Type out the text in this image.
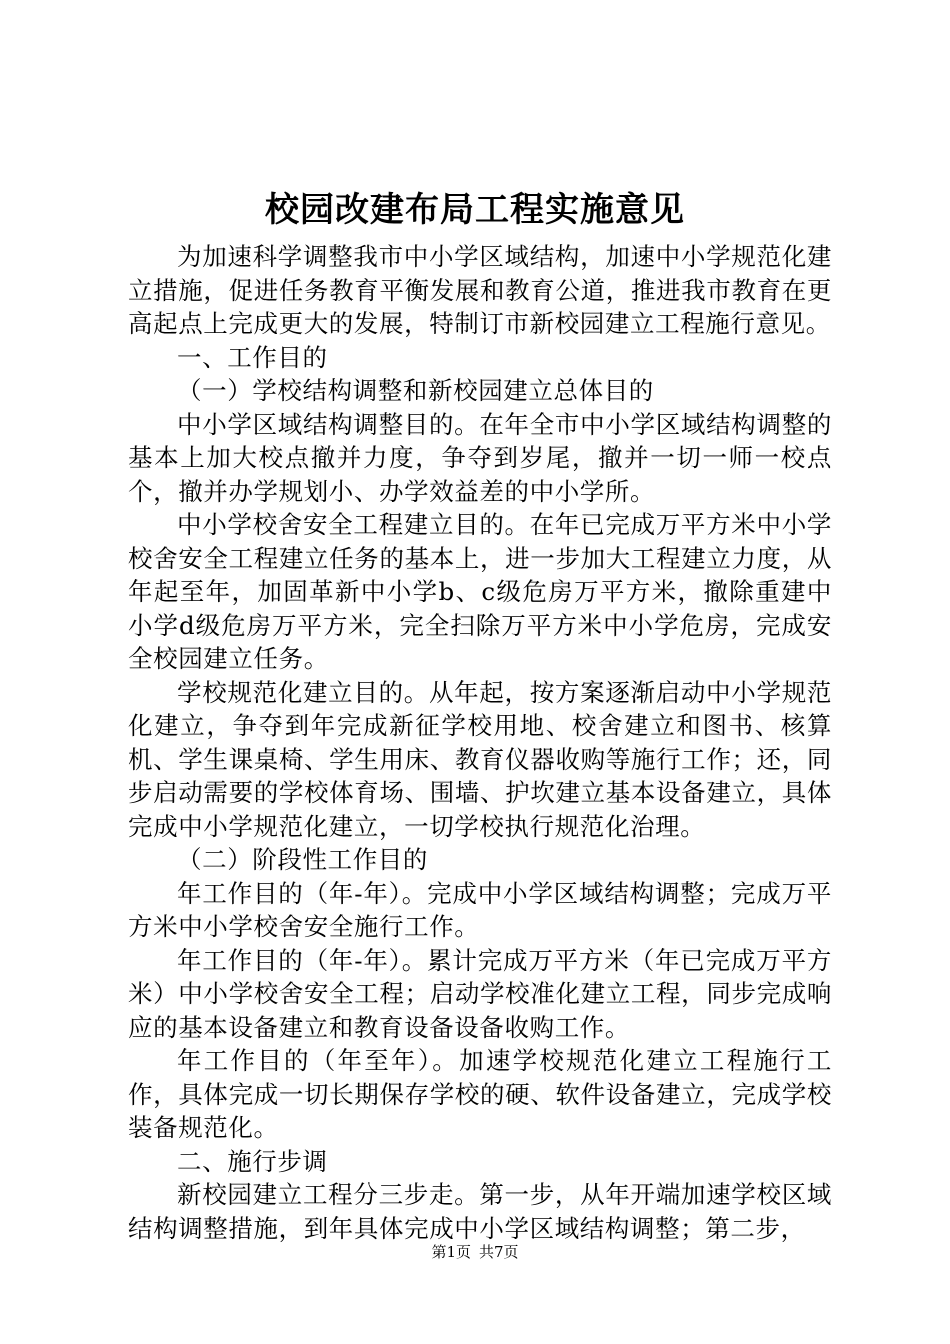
校园改建布局工程实施意见

为加速科学调整我市中小学区域结构，加速中小学规范化建立措施，促进任务教育平衡发展和教育公道，推进我市教育在更高起点上完成更大的发展，特制订市新校园建立工程施行意见。

一、工作目的

（一）学校结构调整和新校园建立总体目的

中小学区域结构调整目的。在年全市中小学区域结构调整的基本上加大校点撤并力度，争夺到岁尾，撤并一切一师一校点个，撤并办学规划小、办学效益差的中小学所。

中小学校舍安全工程建立目的。在年已完成万平方米中小学校舍安全工程建立任务的基本上，进一步加大工程建立力度，从年起至年，加固革新中小学b、c级危房万平方米，撤除重建中小学d级危房万平方米，完全扫除万平方米中小学危房，完成安全校园建立任务。

学校规范化建立目的。从年起，按方案逐渐启动中小学规范化建立，争夺到年完成新征学校用地、校舍建立和图书、核算机、学生课桌椅、学生用床、教育仪器收购等施行工作；还，同步启动需要的学校体育场、围墙、护坎建立基本设备建立，具体完成中小学规范化建立，一切学校执行规范化治理。

（二）阶段性工作目的

年工作目的（年-年）。完成中小学区域结构调整；完成万平方米中小学校舍安全施行工作。

年工作目的（年-年）。累计完成万平方米（年已完成万平方米）中小学校舍安全工程；启动学校准化建立工程，同步完成响应的基本设备建立和教育设备设备收购工作。

年工作目的（年至年）。加速学校规范化建立工程施行工作，具体完成一切长期保存学校的硬、软件设备建立，完成学校装备规范化。

二、施行步调

新校园建立工程分三步走。第一步，从年开端加速学校区域结构调整措施，到年具体完成中小学区域结构调整；第二步，

第1页 共7页
